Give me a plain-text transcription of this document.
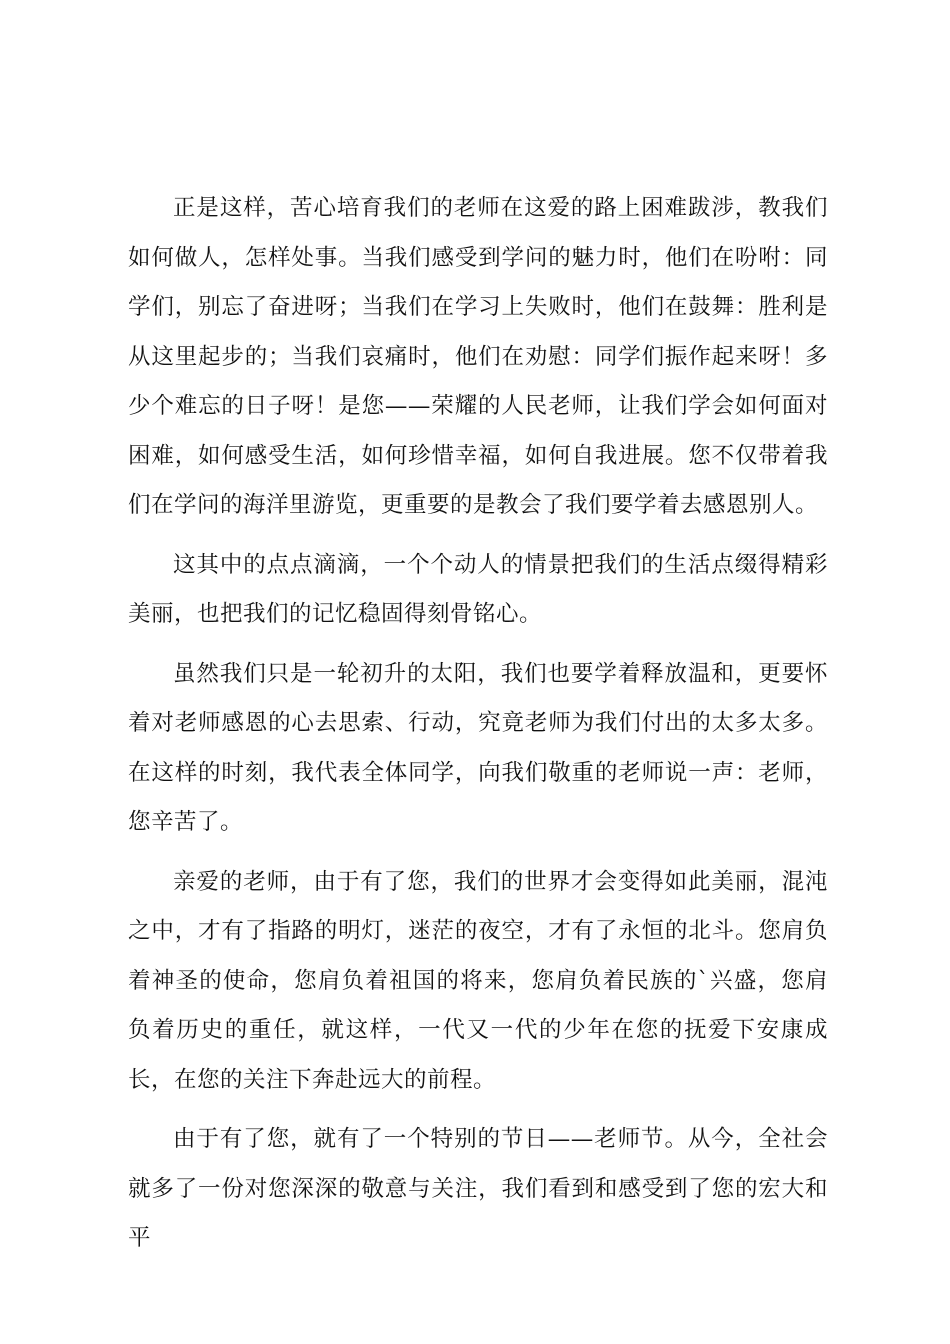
正是这样，苦心培育我们的老师在这爱的路上困难跋涉，教我们如何做人，怎样处事。当我们感受到学问的魅力时，他们在吩咐：同学们，别忘了奋进呀；当我们在学习上失败时，他们在鼓舞：胜利是从这里起步的；当我们哀痛时，他们在劝慰：同学们振作起来呀！多少个难忘的日子呀！是您——荣耀的人民老师，让我们学会如何面对困难，如何感受生活，如何珍惜幸福，如何自我进展。您不仅带着我们在学问的海洋里游览，更重要的是教会了我们要学着去感恩别人。

这其中的点点滴滴，一个个动人的情景把我们的生活点缀得精彩美丽，也把我们的记忆稳固得刻骨铭心。

虽然我们只是一轮初升的太阳，我们也要学着释放温和，更要怀着对老师感恩的心去思索、行动，究竟老师为我们付出的太多太多。在这样的时刻，我代表全体同学，向我们敬重的老师说一声：老师，您辛苦了。

亲爱的老师，由于有了您，我们的世界才会变得如此美丽，混沌之中，才有了指路的明灯，迷茫的夜空，才有了永恒的北斗。您肩负着神圣的使命，您肩负着祖国的将来，您肩负着民族的`兴盛，您肩负着历史的重任，就这样，一代又一代的少年在您的抚爱下安康成长，在您的关注下奔赴远大的前程。

由于有了您，就有了一个特别的节日——老师节。从今，全社会就多了一份对您深深的敬意与关注，我们看到和感受到了您的宏大和平
